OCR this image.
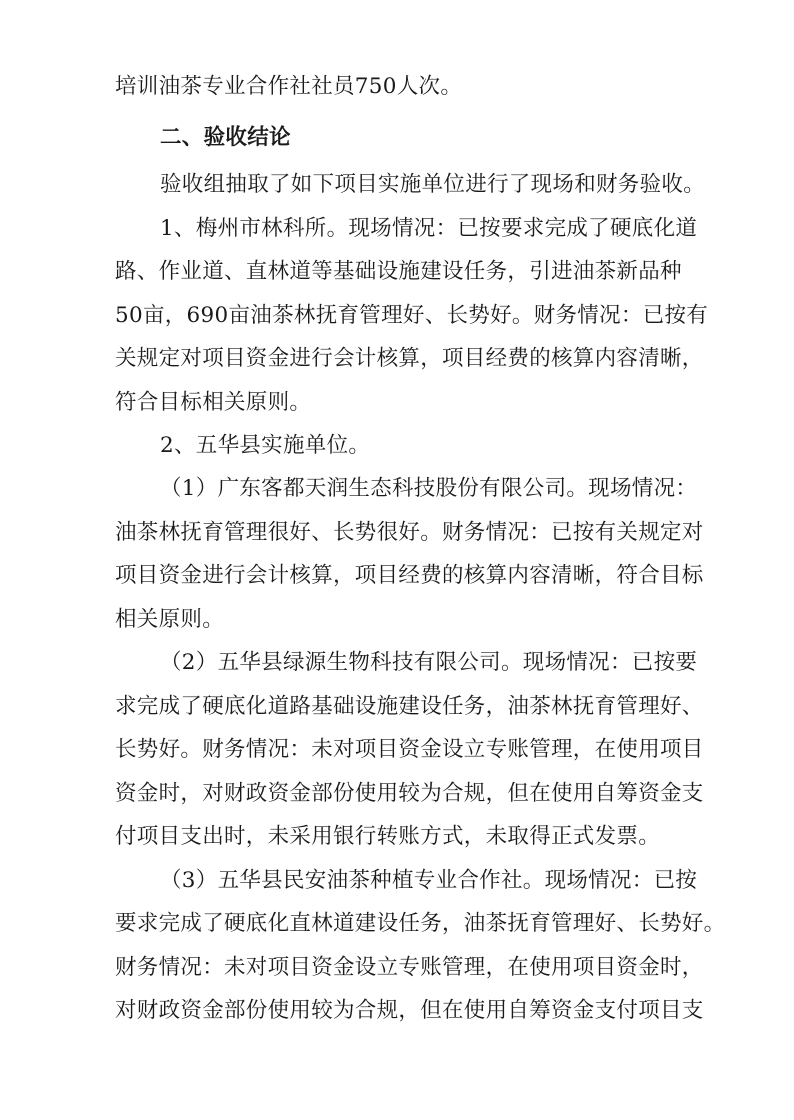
培训油茶专业合作社社员750人次。
二、验收结论
验收组抽取了如下项目实施单位进行了现场和财务验收。
1、梅州市林科所。现场情况：已按要求完成了硬底化道
路、作业道、直林道等基础设施建设任务，引进油茶新品种
50亩，690亩油茶林抚育管理好、长势好。财务情况：已按有
关规定对项目资金进行会计核算，项目经费的核算内容清晰，
符合目标相关原则。
2、五华县实施单位。
（1）广东客都天润生态科技股份有限公司。现场情况：
油茶林抚育管理很好、长势很好。财务情况：已按有关规定对
项目资金进行会计核算，项目经费的核算内容清晰，符合目标
相关原则。
（2）五华县绿源生物科技有限公司。现场情况：已按要
求完成了硬底化道路基础设施建设任务，油茶林抚育管理好、
长势好。财务情况：未对项目资金设立专账管理，在使用项目
资金时，对财政资金部份使用较为合规，但在使用自筹资金支
付项目支出时，未采用银行转账方式，未取得正式发票。
（3）五华县民安油茶种植专业合作社。现场情况：已按
要求完成了硬底化直林道建设任务，油茶抚育管理好、长势好。
财务情况：未对项目资金设立专账管理，在使用项目资金时，
对财政资金部份使用较为合规，但在使用自筹资金支付项目支
